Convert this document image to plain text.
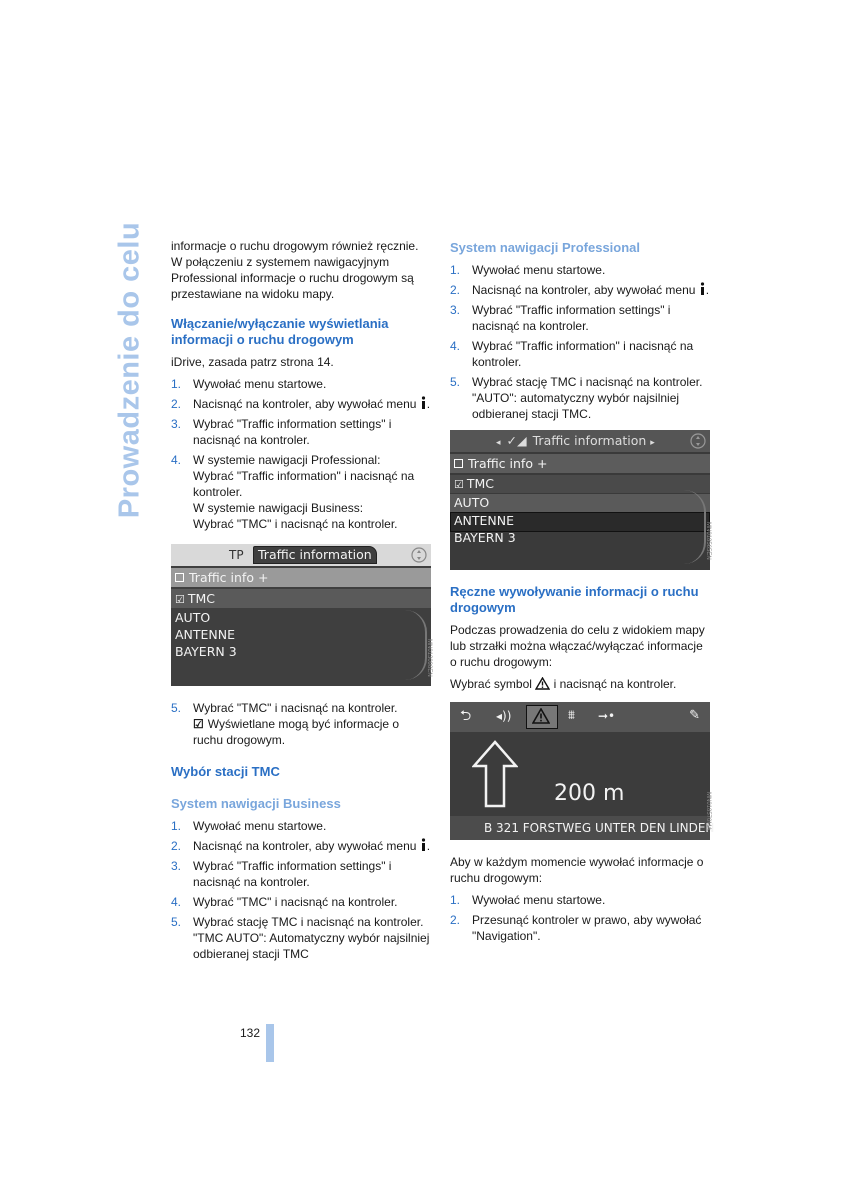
Prowadzenie do celu informacje o ruchu drogowym również ręcznie.
W połączeniu z systemem nawigacyjnym
Professional informacje o ruchu drogowym są
przestawiane na widoku mapy.

Włączanie/wyłączanie wyświetlania
informacji o ruchu drogowym

iDrive, zasada patrz strona 14.

1. Wywołać menu startowe.
2. Nacisnąć na kontroler, aby wywołać menu .
3. Wybrać "Traffic information settings" i
nacisnąć na kontroler.
4. W systemie nawigacji Professional:
Wybrać "Traffic information" i nacisnąć na
kontroler.
W systemie nawigacji Business:
Wybrać "TMC" i nacisnąć na kontroler.
TP	Traffic information
Traffic info +
☑ TMC
AUTO
ANTENNE
BAYERN 3	MN013098EN
5. Wybrać "TMC" i nacisnąć na kontroler.
☑ Wyświetlane mogą być informacje o
ruchu drogowym.
Wybór stacji TMC
System nawigacji Business
1. Wywołać menu startowe.
2. Nacisnąć na kontroler, aby wywołać menu .
3. Wybrać "Traffic information settings" i
nacisnąć na kontroler.
4. Wybrać "TMC" i nacisnąć na kontroler.
5. Wybrać stację TMC i nacisnąć na kontroler.
"TMC AUTO": Automatyczny wybór najsilniej
odbieranej stacji TMC
System nawigacji Professional
1. Wywołać menu startowe.
2. Nacisnąć na kontroler, aby wywołać menu .
3. Wybrać "Traffic information settings" i
nacisnąć na kontroler.
4. Wybrać "Traffic information" i nacisnąć na
kontroler.
5. Wybrać stację TMC i nacisnąć na kontroler.
"AUTO": automatyczny wybór najsilniej
odbieranej stacji TMC.
◂ ✓◢ Traffic information ▸
Traffic info +
☑ TMC
AUTO
ANTENNE
BAYERN 3	MN018565EN
Ręczne wywoływanie informacji o ruchu
drogowym

Podczas prowadzenia do celu z widokiem mapy
lub strzałki można włączać/wyłączać informacje
o ruchu drogowym:

Wybrać symbol i nacisnąć na kontroler.

⮌ ◂))	⩩ ➞•	✎
200 m
B 321 FORSTWEG UNTER DEN LINDEN
MN018570MA

Aby w każdym momencie wywołać informacje o
ruchu drogowym:

1. Wywołać menu startowe.
2. Przesunąć kontroler w prawo, aby wywołać
"Navigation".
132
